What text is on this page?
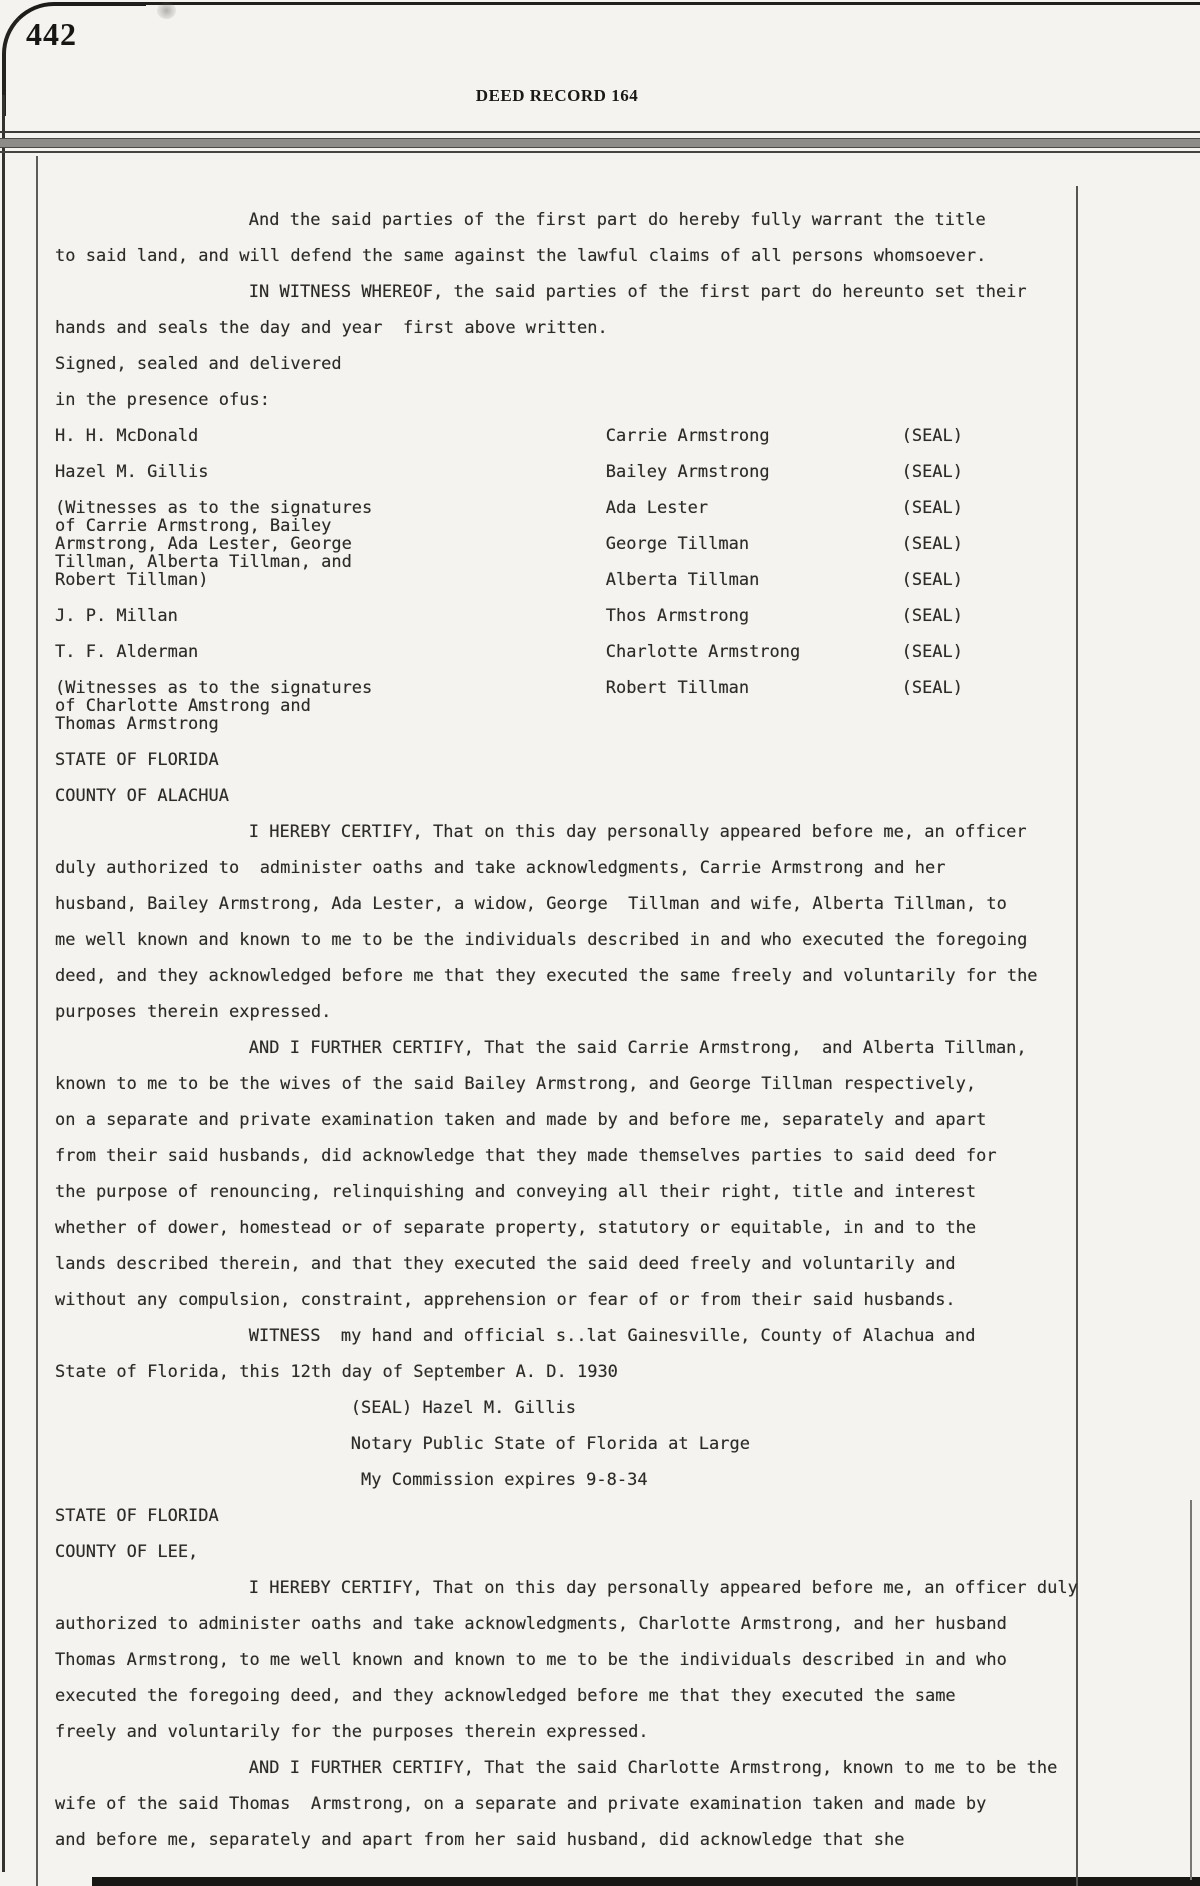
442
DEED RECORD 164
And the said parties of the first part do hereby fully warrant the title
to said land, and will defend the same against the lawful claims of all persons whomsoever.
IN WITNESS WHEREOF, the said parties of the first part do hereunto set their
hands and seals the day and year  first above written.
Signed, sealed and delivered
in the presence ofus:
H. H. McDonald	Carrie Armstrong	(SEAL)
Hazel M. Gillis	Bailey Armstrong	(SEAL)
(Witnesses as to the signatures	Ada Lester	(SEAL)
of Carrie Armstrong, Bailey
Armstrong, Ada Lester, George	George Tillman	(SEAL)
Tillman, Alberta Tillman, and
Robert Tillman)	Alberta Tillman	(SEAL)
J. P. Millan	Thos Armstrong	(SEAL)
T. F. Alderman	Charlotte Armstrong	(SEAL)
(Witnesses as to the signatures	Robert Tillman	(SEAL)
of Charlotte Amstrong and
Thomas Armstrong
STATE OF FLORIDA
COUNTY OF ALACHUA
I HEREBY CERTIFY, That on this day personally appeared before me, an officer
duly authorized to  administer oaths and take acknowledgments, Carrie Armstrong and her
husband, Bailey Armstrong, Ada Lester, a widow, George  Tillman and wife, Alberta Tillman, to
me well known and known to me to be the individuals described in and who executed the foregoing
deed, and they acknowledged before me that they executed the same freely and voluntarily for the
purposes therein expressed.
AND I FURTHER CERTIFY, That the said Carrie Armstrong,  and Alberta Tillman,
known to me to be the wives of the said Bailey Armstrong, and George Tillman respectively,
on a separate and private examination taken and made by and before me, separately and apart
from their said husbands, did acknowledge that they made themselves parties to said deed for
the purpose of renouncing, relinquishing and conveying all their right, title and interest
whether of dower, homestead or of separate property, statutory or equitable, in and to the
lands described therein, and that they executed the said deed freely and voluntarily and
without any compulsion, constraint, apprehension or fear of or from their said husbands.
WITNESS  my hand and official s..lat Gainesville, County of Alachua and
State of Florida, this 12th day of September A. D. 1930
(SEAL) Hazel M. Gillis
Notary Public State of Florida at Large
My Commission expires 9-8-34
STATE OF FLORIDA
COUNTY OF LEE,
I HEREBY CERTIFY, That on this day personally appeared before me, an officer duly
authorized to administer oaths and take acknowledgments, Charlotte Armstrong, and her husband
Thomas Armstrong, to me well known and known to me to be the individuals described in and who
executed the foregoing deed, and they acknowledged before me that they executed the same
freely and voluntarily for the purposes therein expressed.
AND I FURTHER CERTIFY, That the said Charlotte Armstrong, known to me to be the
wife of the said Thomas  Armstrong, on a separate and private examination taken and made by
and before me, separately and apart from her said husband, did acknowledge that she
